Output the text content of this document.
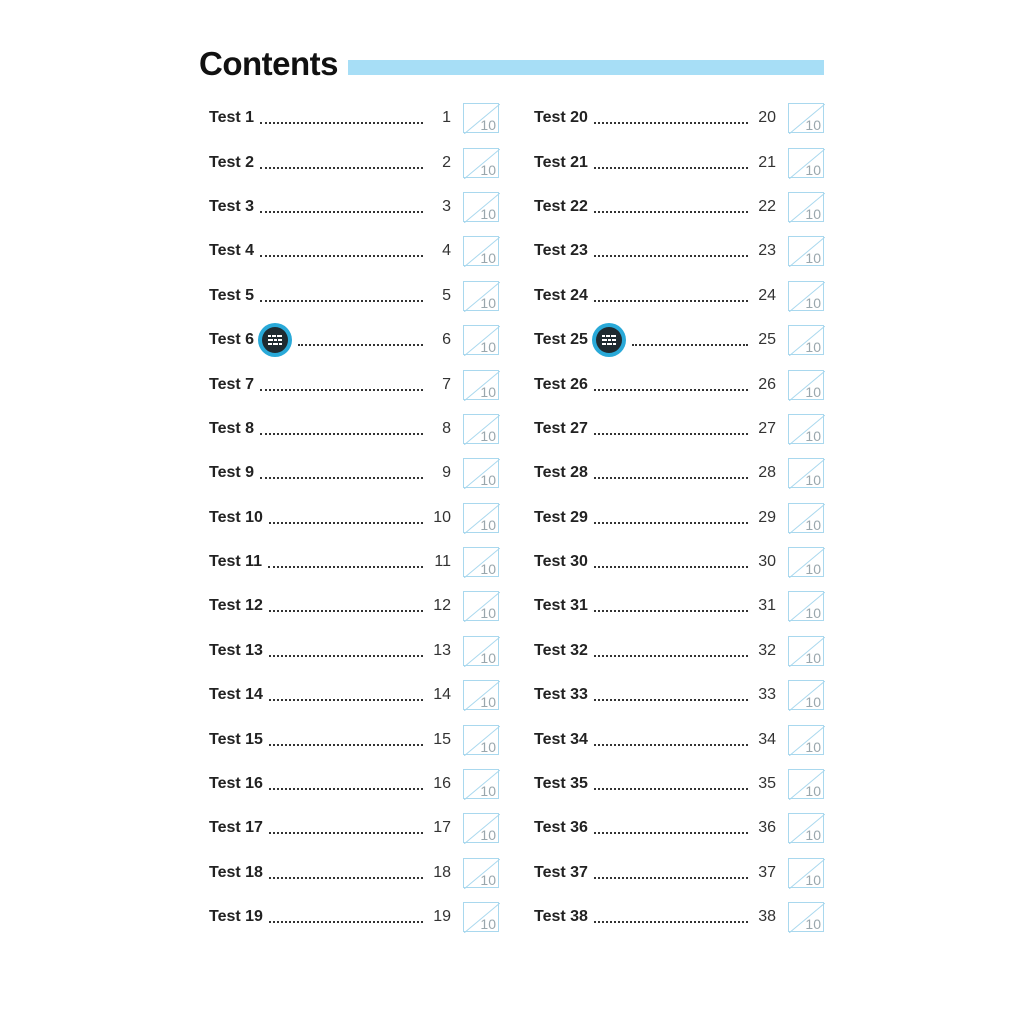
Contents
Test 1	1 10
Test 2	2 10
Test 3	3 10
Test 4	4 10
Test 5	5 10
Test 6	6 10
Test 7	7 10
Test 8	8 10
Test 9	9 10
Test 10	10 10
Test 11	11 10
Test 12	12 10
Test 13	13 10
Test 14	14 10
Test 15	15 10
Test 16	16 10
Test 17	17 10
Test 18	18 10
Test 19	19 10
Test 20	20 10
Test 21	21 10
Test 22	22 10
Test 23	23 10
Test 24	24 10
Test 25	25 10
Test 26	26 10
Test 27	27 10
Test 28	28 10
Test 29	29 10
Test 30	30 10
Test 31	31 10
Test 32	32 10
Test 33	33 10
Test 34	34 10
Test 35	35 10
Test 36	36 10
Test 37	37 10
Test 38	38 10
